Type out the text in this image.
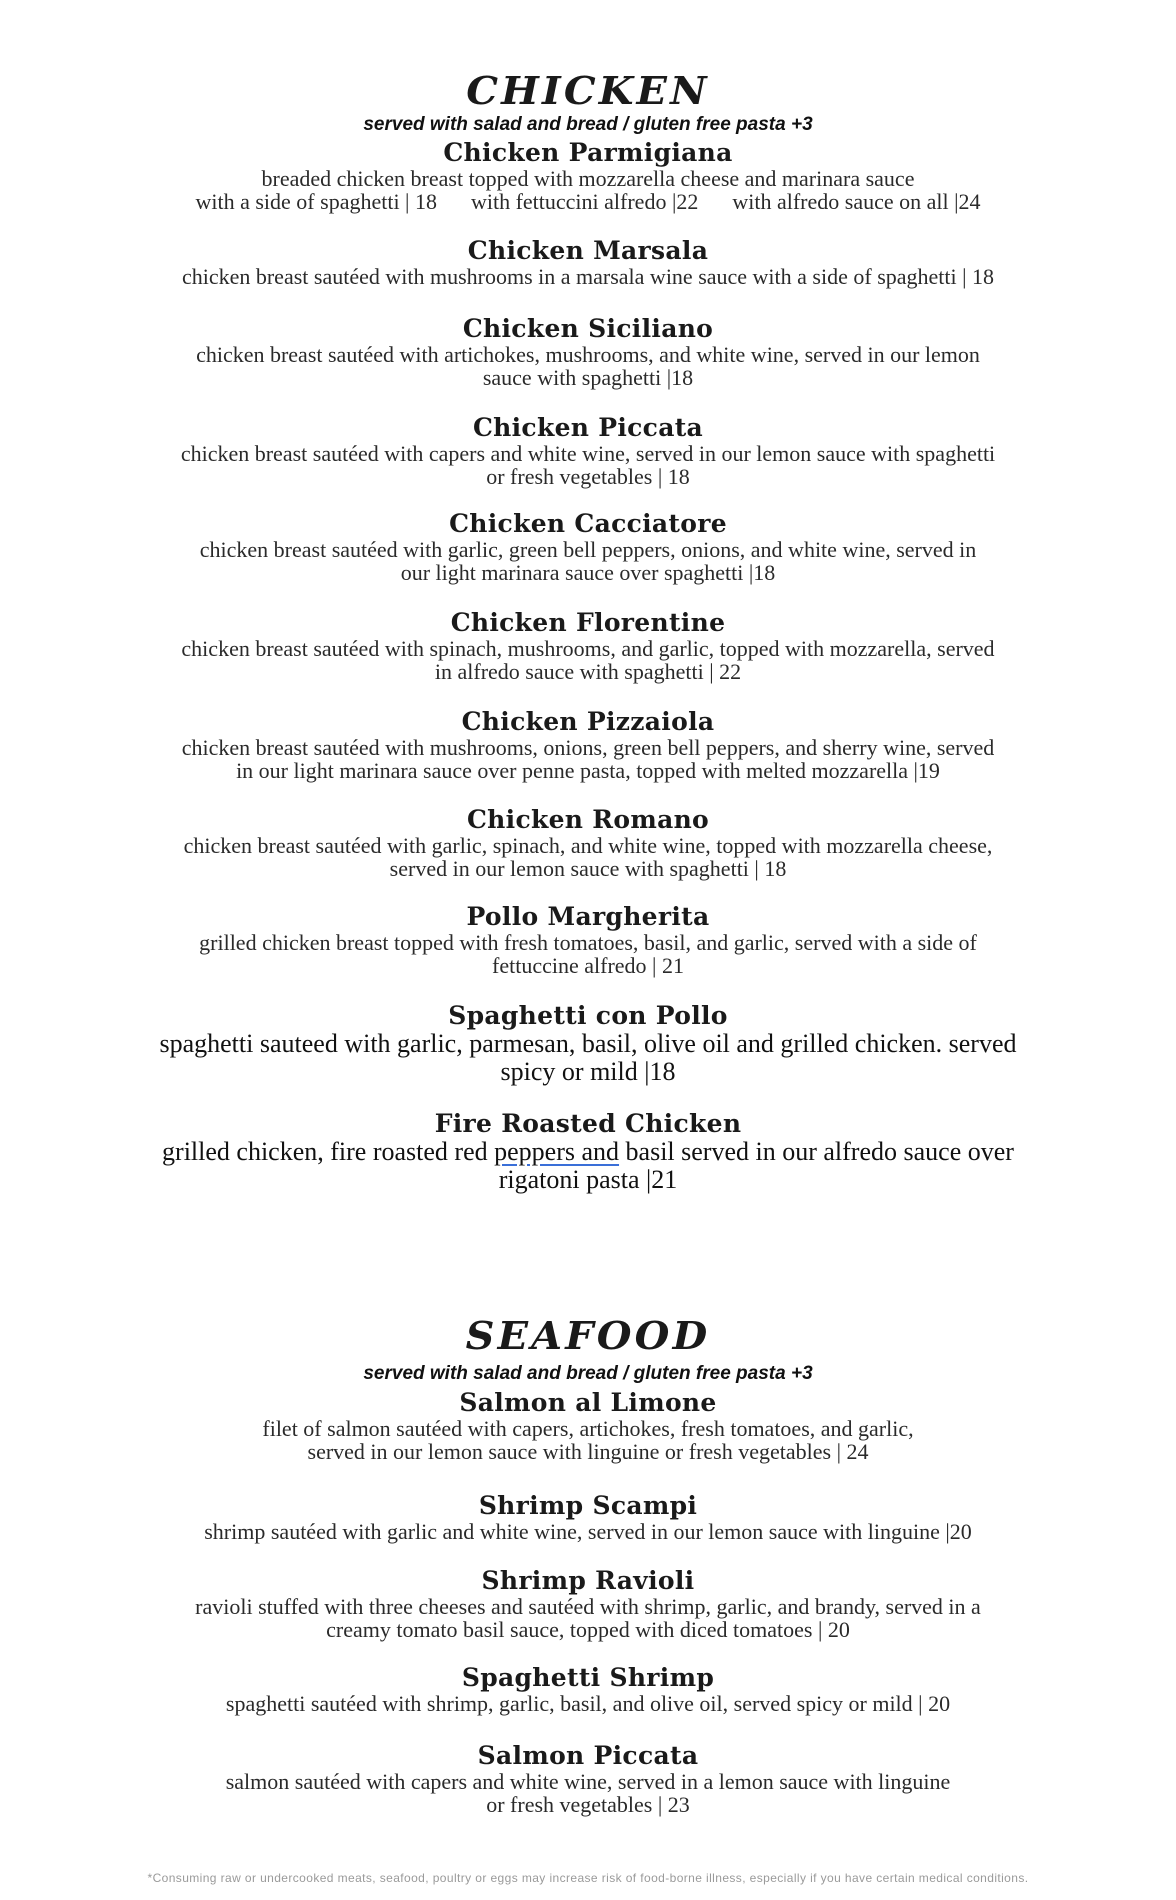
CHICKEN
served with salad and bread / gluten free pasta +3
Chicken Parmigiana
breaded chicken breast topped with mozzarella cheese and marinara sauce
with a side of spaghetti | 18 with fettuccini alfredo |22 with alfredo sauce on all |24
Chicken Marsala
chicken breast sautéed with mushrooms in a marsala wine sauce with a side of spaghetti | 18
Chicken Siciliano
chicken breast sautéed with artichokes, mushrooms, and white wine, served in our lemon
sauce with spaghetti |18
Chicken Piccata
chicken breast sautéed with capers and white wine, served in our lemon sauce with spaghetti
or fresh vegetables | 18
Chicken Cacciatore
chicken breast sautéed with garlic, green bell peppers, onions, and white wine, served in
our light marinara sauce over spaghetti |18
Chicken Florentine
chicken breast sautéed with spinach, mushrooms, and garlic, topped with mozzarella, served
in alfredo sauce with spaghetti | 22
Chicken Pizzaiola
chicken breast sautéed with mushrooms, onions, green bell peppers, and sherry wine, served
in our light marinara sauce over penne pasta, topped with melted mozzarella |19
Chicken Romano
chicken breast sautéed with garlic, spinach, and white wine, topped with mozzarella cheese,
served in our lemon sauce with spaghetti | 18
Pollo Margherita
grilled chicken breast topped with fresh tomatoes, basil, and garlic, served with a side of
fettuccine alfredo | 21
Spaghetti con Pollo
spaghetti sauteed with garlic, parmesan, basil, olive oil and grilled chicken. served
spicy or mild |18
Fire Roasted Chicken
grilled chicken, fire roasted red peppers and basil served in our alfredo sauce over
rigatoni pasta |21
SEAFOOD
served with salad and bread / gluten free pasta +3
Salmon al Limone
filet of salmon sautéed with capers, artichokes, fresh tomatoes, and garlic,
served in our lemon sauce with linguine or fresh vegetables | 24
Shrimp Scampi
shrimp sautéed with garlic and white wine, served in our lemon sauce with linguine |20
Shrimp Ravioli
ravioli stuffed with three cheeses and sautéed with shrimp, garlic, and brandy, served in a
creamy tomato basil sauce, topped with diced tomatoes | 20
Spaghetti Shrimp
spaghetti sautéed with shrimp, garlic, basil, and olive oil, served spicy or mild | 20
Salmon Piccata
salmon sautéed with capers and white wine, served in a lemon sauce with linguine
or fresh vegetables | 23
*Consuming raw or undercooked meats, seafood, poultry or eggs may increase risk of food-borne illness, especially if you have certain medical conditions.
